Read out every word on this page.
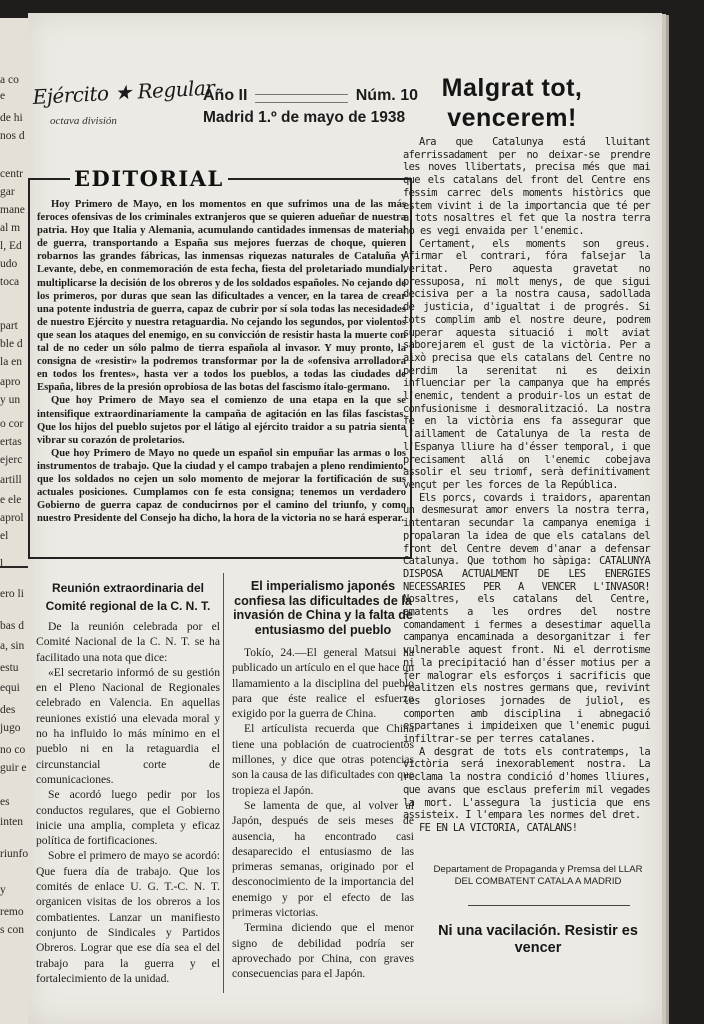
a co
e
de hi
nos d
centr
gar
mane
al m
l, Ed
udo
toca
part
ble d
la en
apro
y un
o cor
ertas
ejerc
artill
e ele
aprol
el
l
ero li
bas d
a, sin
estu
equi
des
jugo
no co
guir e
es
inten
riunfo
y
remo
s con
Ejército ★ Regular
octava división
Año II	Núm. 10
Madrid 1.º de mayo de 1938
Malgrat tot, vencerem!
EDITORIAL

Hoy Primero de Mayo, en los momentos en que sufrimos una de las más feroces ofensivas de los criminales extranjeros que se quieren adueñar de nuestra patria. Hoy que Italia y Alemania, acumulando cantidades inmensas de material de guerra, transportando a España sus mejores fuerzas de choque, quieren robarnos las grandes fábricas, las inmensas riquezas naturales de Cataluña y Levante, debe, en conmemoración de esta fecha, fiesta del proletariado mundial, multiplicarse la decisión de los obreros y de los soldados españoles. No cejando de los primeros, por duras que sean las dificultades a vencer, en la tarea de crear una potente industria de guerra, capaz de cubrir por sí sola todas las necesidades de nuestro Ejército y nuestra retaguardia. No cejando los segundos, por violentos que sean los ataques del enemigo, en su convicción de resistir hasta la muerte con tal de no ceder un sólo palmo de tierra española al invasor. Y muy pronto, la consigna de «resistir» la podremos transformar por la de «ofensiva arrolladora en todos los frentes», hasta ver a todos los pueblos, a todas las ciudades de España, libres de la presión oprobiosa de las botas del fascismo ítalo-germano.

Que hoy Primero de Mayo sea el comienzo de una etapa en la que se intensifique extraordinariamente la campaña de agitación en las filas fascistas. Que los hijos del pueblo sujetos por el látigo al ejército traidor a su patria sienta vibrar su corazón de proletarios.

Que hoy Primero de Mayo no quede un español sin empuñar las armas o los instrumentos de trabajo. Que la ciudad y el campo trabajen a pleno rendimiento, que los soldados no cejen un solo momento de mejorar la fortificación de sus actuales posiciones. Cumplamos con fe esta consigna; tenemos un verdadero Gobierno de guerra capaz de conducirnos por el camino del triunfo, y como nuestro Presidente del Consejo ha dicho, la hora de la victoria no se hará esperar.

Reunión extraordinaria del Comité regional de la C. N. T.

De la reunión celebrada por el Comité Nacional de la C. N. T. se ha facilitado una nota que dice:

«El secretario informó de su gestión en el Pleno Nacional de Regionales celebrado en Valencia. En aquellas reuniones existió una elevada moral y no ha influido lo más mínimo en el pueblo ni en la retaguardia el circunstancial corte de comunicaciones.

Se acordó luego pedir por los conductos regulares, que el Gobierno inicie una amplia, completa y eficaz política de fortificaciones.

Sobre el primero de mayo se acordó: Que fuera día de trabajo. Que los comités de enlace U. G. T.-C. N. T. organicen visitas de los obreros a los combatientes. Lanzar un manifiesto conjunto de Sindicales y Partidos Obreros. Lograr que ese día sea el del trabajo para la guerra y el fortalecimiento de la unidad.

El imperialismo japonés confiesa las dificultades de la invasión de China y la falta de entusiasmo del pueblo

Tokío, 24.—El general Matsui ha publicado un artículo en el que hace un llamamiento a la disciplina del pueblo para que éste realice el esfuerzo exigido por la guerra de China.

El artículista recuerda que China tiene una población de cuatrocientos millones, y dice que otras potencias son la causa de las dificultades con que tropieza el Japón.

Se lamenta de que, al volver al Japón, después de seis meses de ausencia, ha encontrado casi desaparecido el entusiasmo de las primeras semanas, originado por el desconocimiento de la importancia del enemigo y por el efecto de las primeras victorias.

Termina diciendo que el menor signo de debilidad podría ser aprovechado por China, con graves consecuencias para el Japón.

Ara que Catalunya está lluitant aferrissadament per no deixar-se prendre les noves llibertats, precisa més que mai que els catalans del front del Centre ens fessim carrec dels moments històrics que estem vivint i de la importancia que té per a tots nosaltres el fet que la nostra terra no es vegi envaida per l'enemic.

Certament, els moments son greus. Afirmar el contrari, fóra falsejar la veritat. Pero aquesta gravetat no pressuposa, ni molt menys, de que sigui decisiva per a la nostra causa, sadollada de justicia, d'igualtat i de progrés. Si tots complim amb el nostre deure, podrem superar aquesta situació i molt aviat saborejarem el gust de la victòria. Per a això precisa que els catalans del Centre no perdim la serenitat ni es deixin influenciar per la campanya que ha emprés l'enemic, tendent a produir-los un estat de confusionisme i desmoralització. La nostra fe en la victòria ens fa assegurar que l'aillament de Catalunya de la resta de l'Espanya lliure ha d'ésser temporal, i que precisament allá on l'enemic cobejava assolir el seu triomf, serà definitivament vençut per les forces de la República.

Els porcs, covards i traidors, aparentan un desmesurat amor envers la nostra terra, intentaran secundar la campanya enemiga i propalaran la idea de que els catalans del front del Centre devem d'anar a defensar Catalunya. Que tothom ho sàpiga: CATALUNYA DISPOSA ACTUALMENT DE LES ENERGIES NECESSARIES PER A VENCER L'INVASOR! Nosaltres, els catalans del Centre, amatents a les ordres del nostre comandament i fermes a desestimar aquella campanya encaminada a desorganitzar i fer vulnerable aquest front. Ni el derrotisme ni la precipitació han d'ésser motius per a fer malograr els esforços i sacrificis que realitzen els nostres germans que, revivint les glorioses jornades de juliol, es comporten amb disciplina i abnegació espartanes i impideixen que l'enemic pugui infiltrar-se per terres catalanes.

A desgrat de tots els contratemps, la victòria será inexorablement nostra. La reclama la nostra condició d'homes lliures, que avans que esclaus preferim mil vegades la mort. L'assegura la justicia que ens assisteix. I l'empara les normes del dret.

FE EN LA VICTORIA, CATALANS!

Departament de Propaganda y Premsa del LLAR DEL COMBATENT CATALA A MADRID
Ni una vacilación. Resistir es vencer
